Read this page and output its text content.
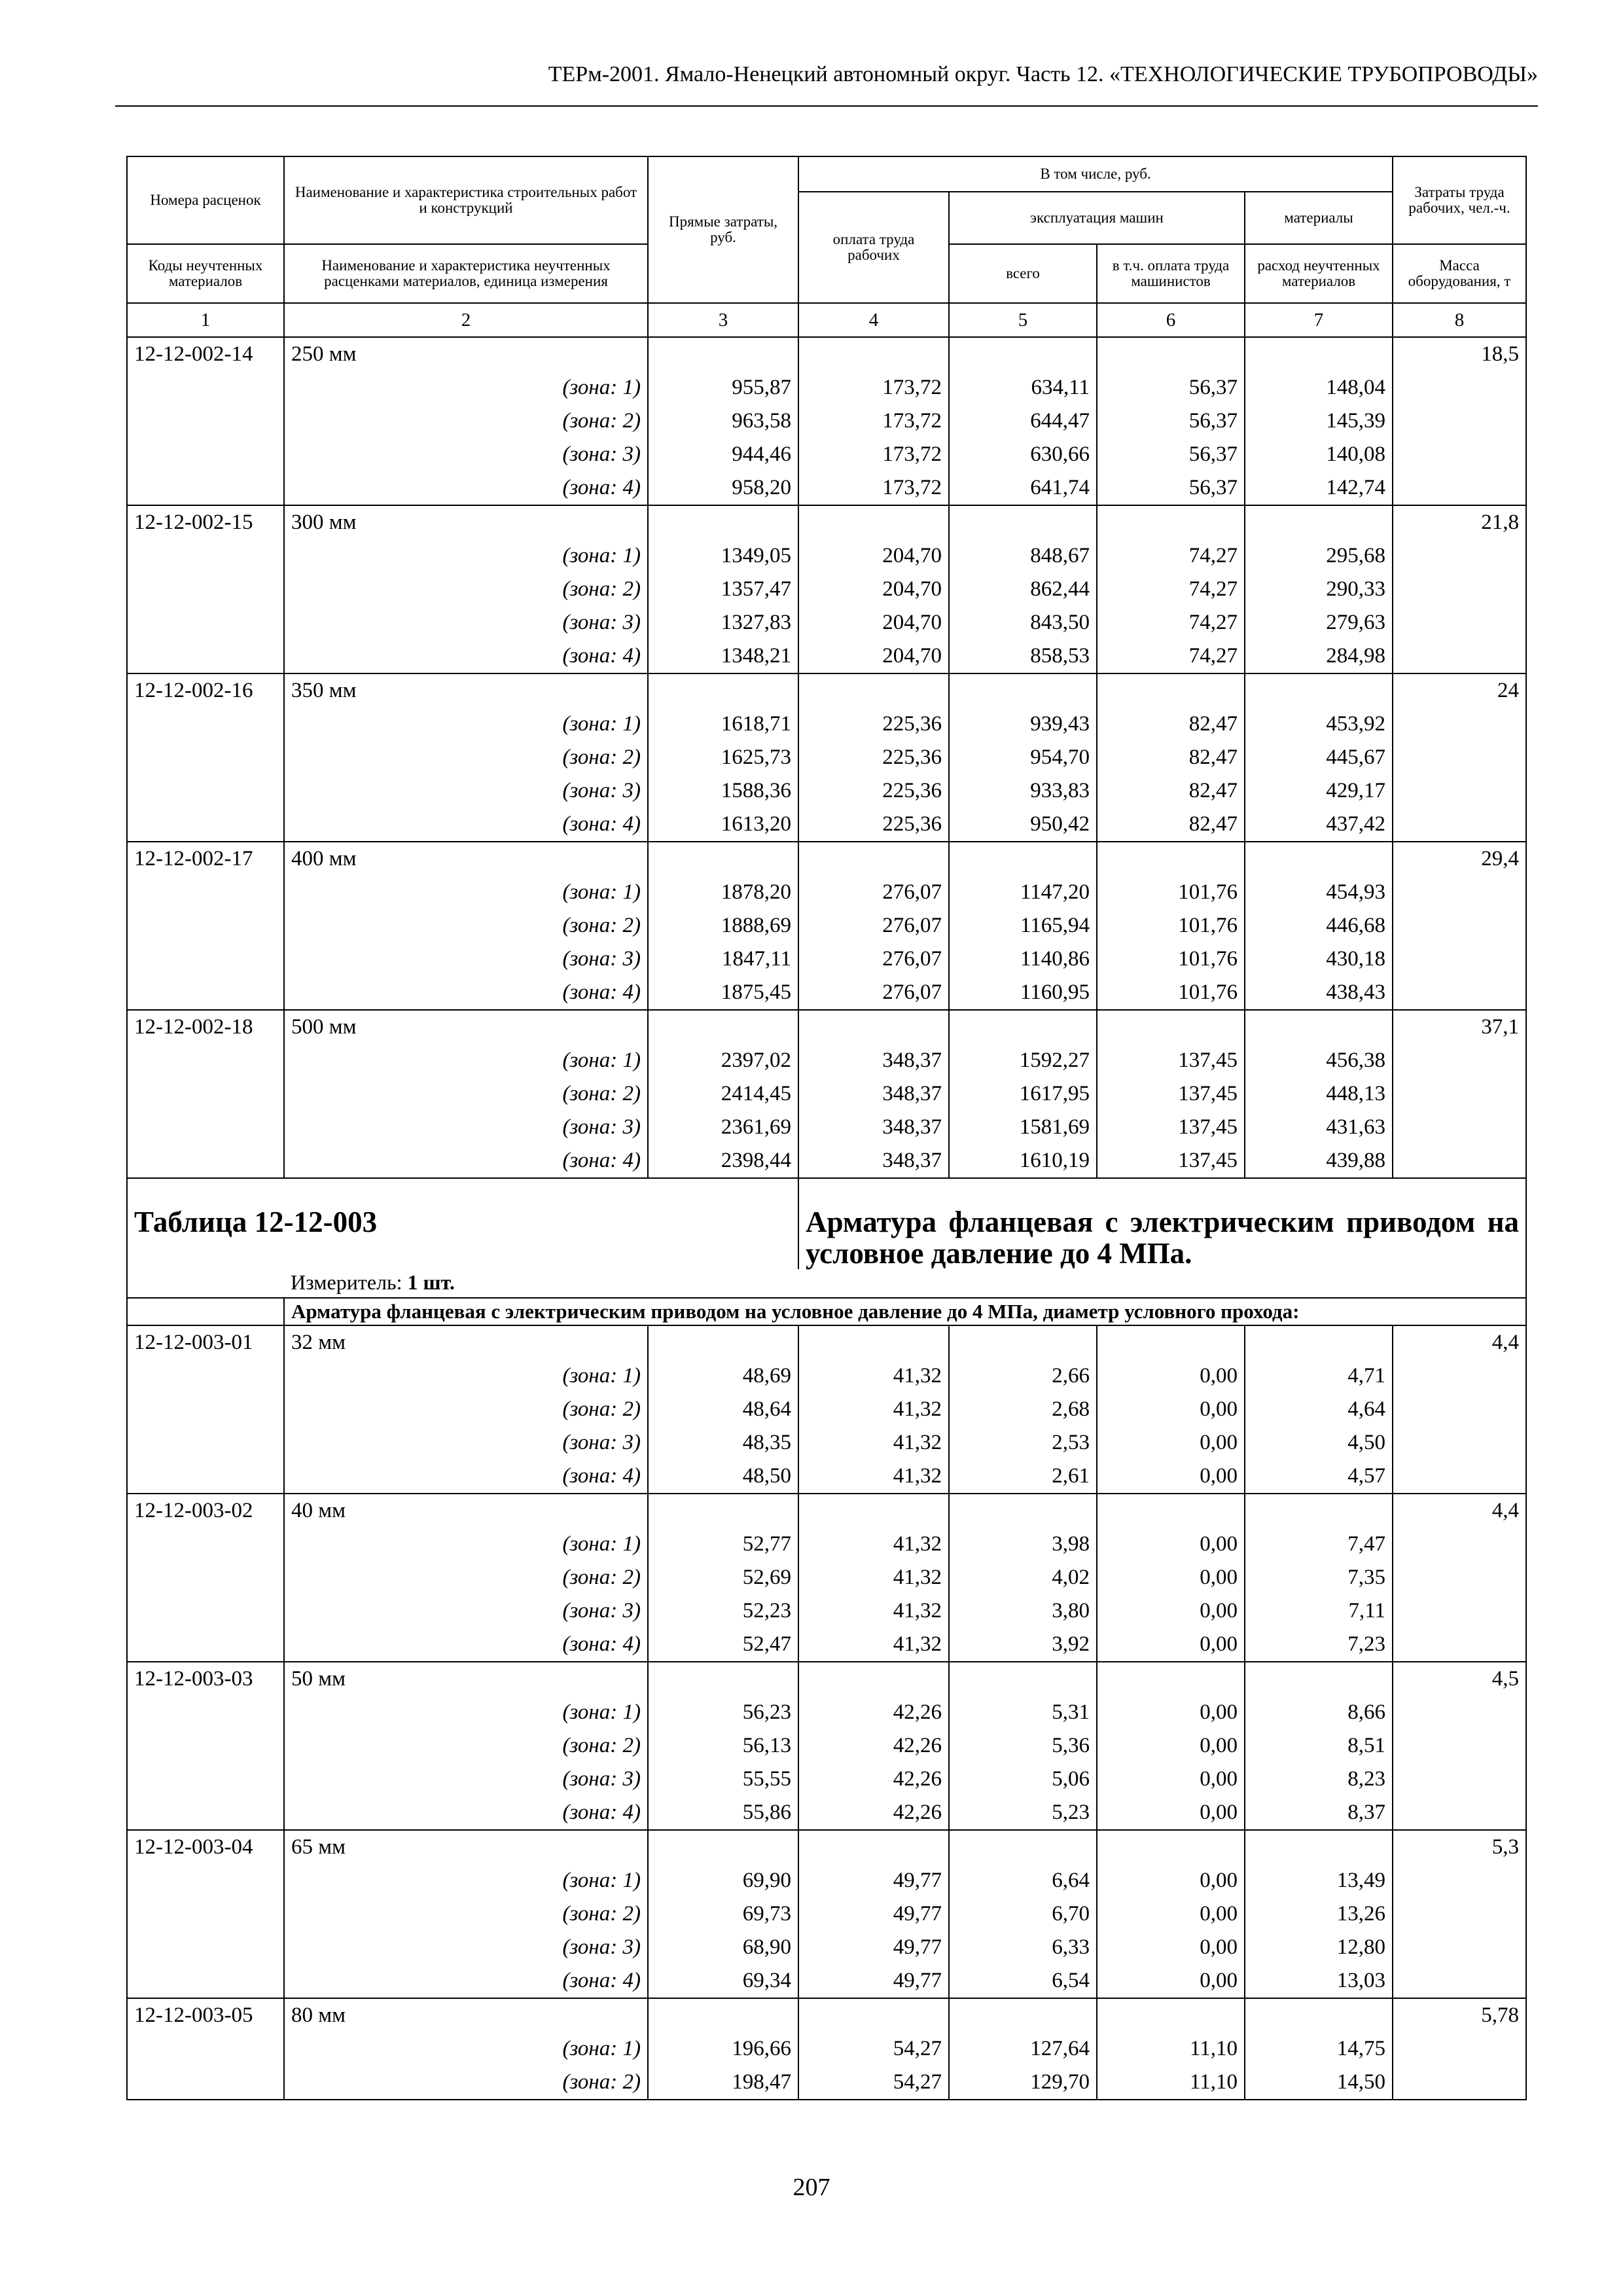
ТЕРм-2001. Ямало-Ненецкий автономный округ. Часть 12. «ТЕХНОЛОГИЧЕСКИЕ ТРУБОПРОВОДЫ»
Номера расценок	Наименование и характеристика строительных работ и конструкций	Прямые затраты, руб.	В том числе, руб.				Затраты труда рабочих, чел.-ч.
			оплата труда рабочих	эксплуатация машин		материалы	
Коды неучтенных материалов	Наименование и характеристика неучтенных расценками материалов, единица измерения			всего	в т.ч. оплата труда машинистов	расход неучтенных материалов	Масса оборудования, т
1	2	3	4	5	6	7	8
12-12-002-14	250 мм						18,5
	(зона: 1)	955,87	173,72	634,11	56,37	148,04	
	(зона: 2)	963,58	173,72	644,47	56,37	145,39	
	(зона: 3)	944,46	173,72	630,66	56,37	140,08	
	(зона: 4)	958,20	173,72	641,74	56,37	142,74	
12-12-002-15	300 мм						21,8
	(зона: 1)	1349,05	204,70	848,67	74,27	295,68	
	(зона: 2)	1357,47	204,70	862,44	74,27	290,33	
	(зона: 3)	1327,83	204,70	843,50	74,27	279,63	
	(зона: 4)	1348,21	204,70	858,53	74,27	284,98	
12-12-002-16	350 мм						24
	(зона: 1)	1618,71	225,36	939,43	82,47	453,92	
	(зона: 2)	1625,73	225,36	954,70	82,47	445,67	
	(зона: 3)	1588,36	225,36	933,83	82,47	429,17	
	(зона: 4)	1613,20	225,36	950,42	82,47	437,42	
12-12-002-17	400 мм						29,4
	(зона: 1)	1878,20	276,07	1147,20	101,76	454,93	
	(зона: 2)	1888,69	276,07	1165,94	101,76	446,68	
	(зона: 3)	1847,11	276,07	1140,86	101,76	430,18	
	(зона: 4)	1875,45	276,07	1160,95	101,76	438,43	
12-12-002-18	500 мм						37,1
	(зона: 1)	2397,02	348,37	1592,27	137,45	456,38	
	(зона: 2)	2414,45	348,37	1617,95	137,45	448,13	
	(зона: 3)	2361,69	348,37	1581,69	137,45	431,63	
	(зона: 4)	2398,44	348,37	1610,19	137,45	439,88	
Таблица 12-12-003			Арматура фланцевая с электрическим приводом на условное давление до 4 МПа.				
	Измеритель: 1 шт.						
	Арматура фланцевая с электрическим приводом на условное давление до 4 МПа, диаметр условного прохода:						
12-12-003-01	32 мм						4,4
	(зона: 1)	48,69	41,32	2,66	0,00	4,71	
	(зона: 2)	48,64	41,32	2,68	0,00	4,64	
	(зона: 3)	48,35	41,32	2,53	0,00	4,50	
	(зона: 4)	48,50	41,32	2,61	0,00	4,57	
12-12-003-02	40 мм						4,4
	(зона: 1)	52,77	41,32	3,98	0,00	7,47	
	(зона: 2)	52,69	41,32	4,02	0,00	7,35	
	(зона: 3)	52,23	41,32	3,80	0,00	7,11	
	(зона: 4)	52,47	41,32	3,92	0,00	7,23	
12-12-003-03	50 мм						4,5
	(зона: 1)	56,23	42,26	5,31	0,00	8,66	
	(зона: 2)	56,13	42,26	5,36	0,00	8,51	
	(зона: 3)	55,55	42,26	5,06	0,00	8,23	
	(зона: 4)	55,86	42,26	5,23	0,00	8,37	
12-12-003-04	65 мм						5,3
	(зона: 1)	69,90	49,77	6,64	0,00	13,49	
	(зона: 2)	69,73	49,77	6,70	0,00	13,26	
	(зона: 3)	68,90	49,77	6,33	0,00	12,80	
	(зона: 4)	69,34	49,77	6,54	0,00	13,03	
12-12-003-05	80 мм						5,78
	(зона: 1)	196,66	54,27	127,64	11,10	14,75	
	(зона: 2)	198,47	54,27	129,70	11,10	14,50	
207
